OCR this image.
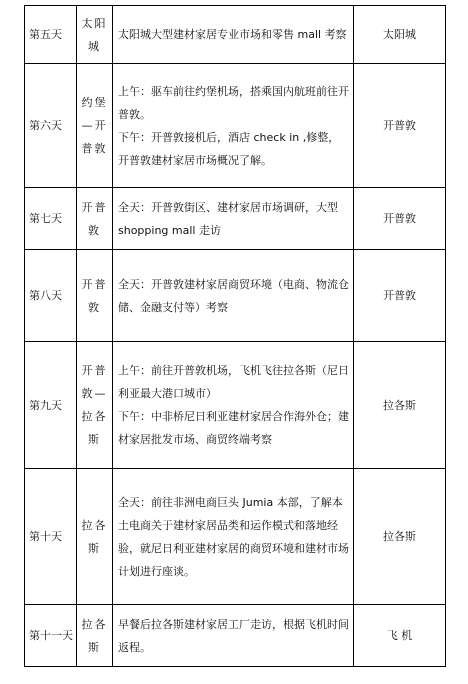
第五天	太阳城	太阳城大型建材家居专业市场和零售 mall 考察	太阳城
第六天	约堡—开普敦	上午：驱车前往约堡机场，搭乘国内航班前往开普敦。
下午：开普敦接机后，酒店 check in ,修整，开普敦建材家居市场概况了解。	开普敦
第七天	开普敦	全天：开普敦街区、建材家居市场调研，大型 shopping mall 走访	开普敦
第八天	开普敦	全天：开普敦建材家居商贸环境（电商、物流仓储、金融支付等）考察	开普敦
第九天	开普敦—拉各斯	上午：前往开普敦机场，飞机飞往拉各斯（尼日利亚最大港口城市）
下午：中非桥尼日利亚建材家居合作海外仓；建材家居批发市场、商贸终端考察	拉各斯
第十天	拉各斯	全天：前往非洲电商巨头 Jumia 本部，了解本土电商关于建材家居品类和运作模式和落地经验，就尼日利亚建材家居的商贸环境和建材市场计划进行座谈。	拉各斯
第十一天	拉各斯	早餐后拉各斯建材家居工厂走访，根据飞机时间返程。	飞 机
